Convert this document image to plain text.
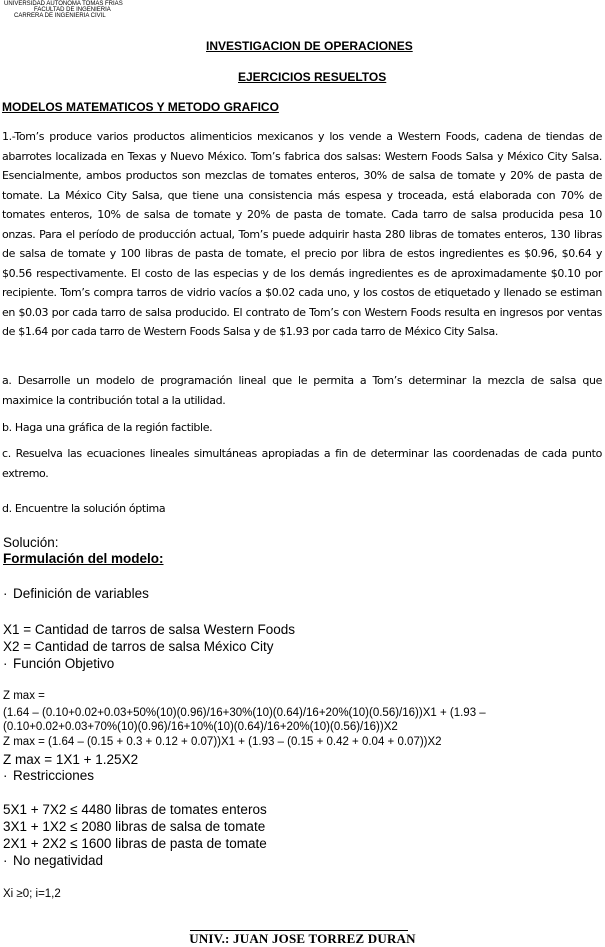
UNIVERSIDAD AUTONOMA TOMAS FRIAS
FACULTAD DE INGENIERIA
CARRERA DE INGENIERIA CIVIL
INVESTIGACION DE OPERACIONES
EJERCICIOS RESUELTOS
MODELOS MATEMATICOS Y METODO GRAFICO
1.-Tom’s produce varios productos alimenticios mexicanos y los vende a Western Foods, cadena de tiendas de abarrotes localizada en Texas y Nuevo México. Tom’s fabrica dos salsas: Western Foods Salsa y México City Salsa. Esencialmente, ambos productos son mezclas de tomates enteros, 30% de salsa de tomate y 20% de pasta de tomate. La México City Salsa, que tiene una consistencia más espesa y troceada, está elaborada con 70% de tomates enteros, 10% de salsa de tomate y 20% de pasta de tomate. Cada tarro de salsa producida pesa 10 onzas. Para el período de producción actual, Tom’s puede adquirir hasta 280 libras de tomates enteros, 130 libras de salsa de tomate y 100 libras de pasta de tomate, el precio por libra de estos ingredientes es $0.96, $0.64 y $0.56 respectivamente. El costo de las especias y de los demás ingredientes es de aproximadamente $0.10 por recipiente. Tom’s compra tarros de vidrio vacíos a $0.02 cada uno, y los costos de etiquetado y llenado se estiman en $0.03 por cada tarro de salsa producido. El contrato de Tom’s con Western Foods resulta en ingresos por ventas de $1.64 por cada tarro de Western Foods Salsa y de $1.93 por cada tarro de México City Salsa.
a. Desarrolle un modelo de programación lineal que le permita a Tom’s determinar la mezcla de salsa que maximice la contribución total a la utilidad.
b. Haga una gráfica de la región factible.
c. Resuelva las ecuaciones lineales simultáneas apropiadas a fin de determinar las coordenadas de cada punto extremo.
d. Encuentre la solución óptima
Solución:
Formulación del modelo:
· Definición de variables
X1 = Cantidad de tarros de salsa Western Foods
X2 = Cantidad de tarros de salsa México City
· Función Objetivo
Z max =
(1.64 – (0.10+0.02+0.03+50%(10)(0.96)/16+30%(10)(0.64)/16+20%(10)(0.56)/16))X1 + (1.93 –
(0.10+0.02+0.03+70%(10)(0.96)/16+10%(10)(0.64)/16+20%(10)(0.56)/16))X2
Z max = (1.64 – (0.15 + 0.3 + 0.12 + 0.07))X1 + (1.93 – (0.15 + 0.42 + 0.04 + 0.07))X2
Z max = 1X1 + 1.25X2
· Restricciones
5X1 + 7X2 ≤ 4480 libras de tomates enteros
3X1 + 1X2 ≤ 2080 libras de salsa de tomate
2X1 + 2X2 ≤ 1600 libras de pasta de tomate
· No negatividad
Xi ≥0; i=1,2
UNIV.: JUAN JOSE TORREZ DURAN
